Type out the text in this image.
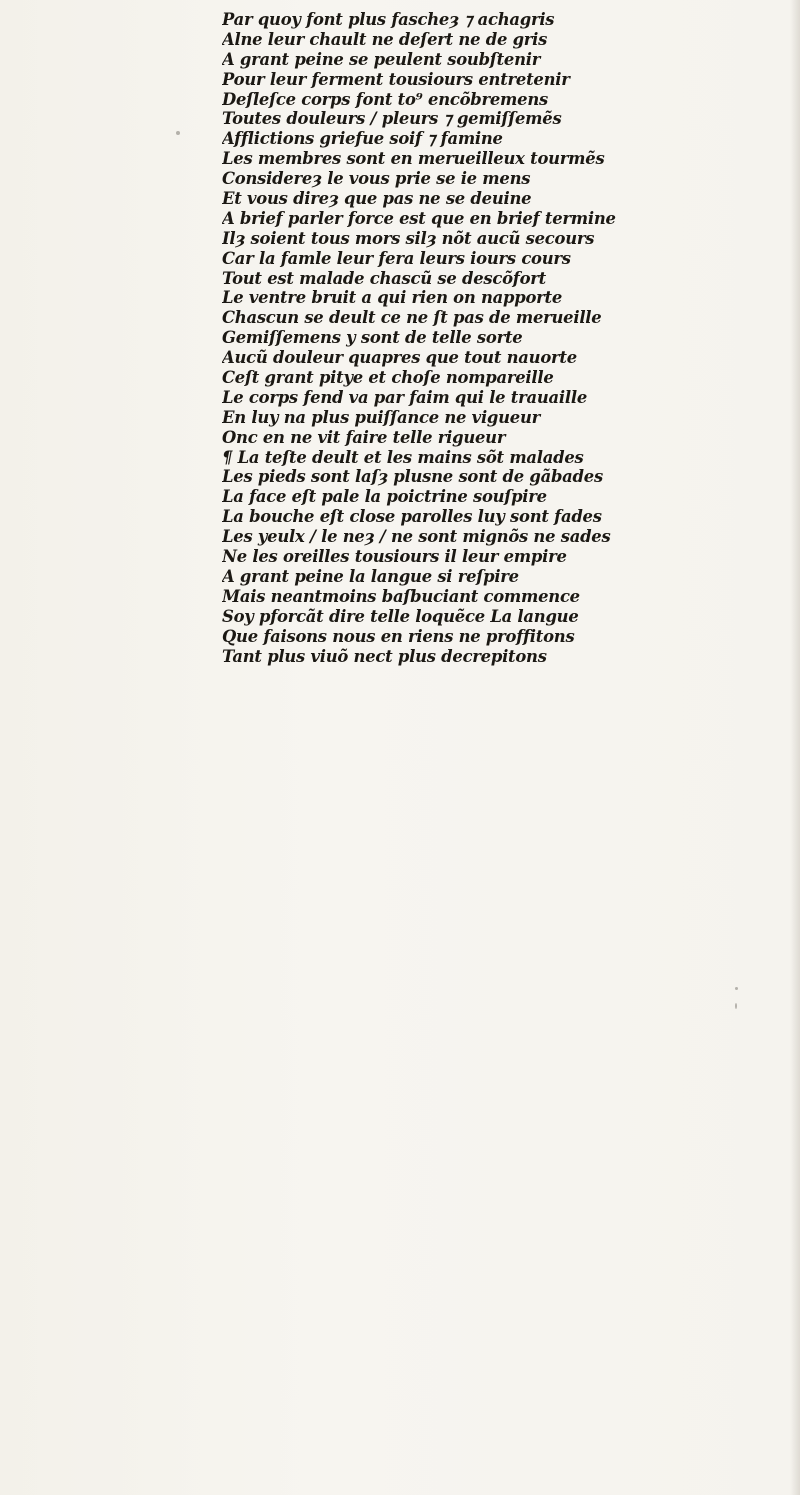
Par quoy font plus fascheȝ ⁊ achagris
Alne leur chault ne deſert ne de gris
A grant peine se peulent soubſtenir
Pour leur ferment tousiours entretenir
Deſleſce corps font to⁹ encõbremens
Toutes douleurs / pleurs ⁊ gemiſſemẽs
Afflictions griefue soif ⁊ famine
Les membres sont en merueilleux tourmẽs
Considereȝ le vous prie se ie mens
Et vous direȝ que pas ne se deuine
A brief parler force est que en brief termine
Ilȝ soient tous mors silȝ nõt aucũ secours
Car la famle leur fera leurs iours cours
Tout est malade chascũ se descõfort
Le ventre bruit a qui rien on napporte
Chascun se deult ce ne ſt pas de merueille
Gemiſſemens y sont de telle sorte
Aucũ douleur quapres que tout nauorte
Ceſt grant pitye et choſe nompareille
Le corps fend va par faim qui le trauaille
En luy na plus puiſſance ne vigueur
Onc en ne vit faire telle rigueur
¶ La teſte deult et les mains sõt malades
Les pieds sont laſȝ plusne sont de gãbades
La face eſt pale la poictrine souſpire
La bouche eſt close parolles luy sont fades
Les yeulx / le neȝ / ne sont mignõs ne sades
Ne les oreilles tousiours il leur empire
A grant peine la langue si reſpire
Mais neantmoins baſbuciant commence
Soy pforcãt dire telle loquẽce La langue
Que faisons nous en riens ne proffitons
Tant plus viuõ nect plus decrepitons
